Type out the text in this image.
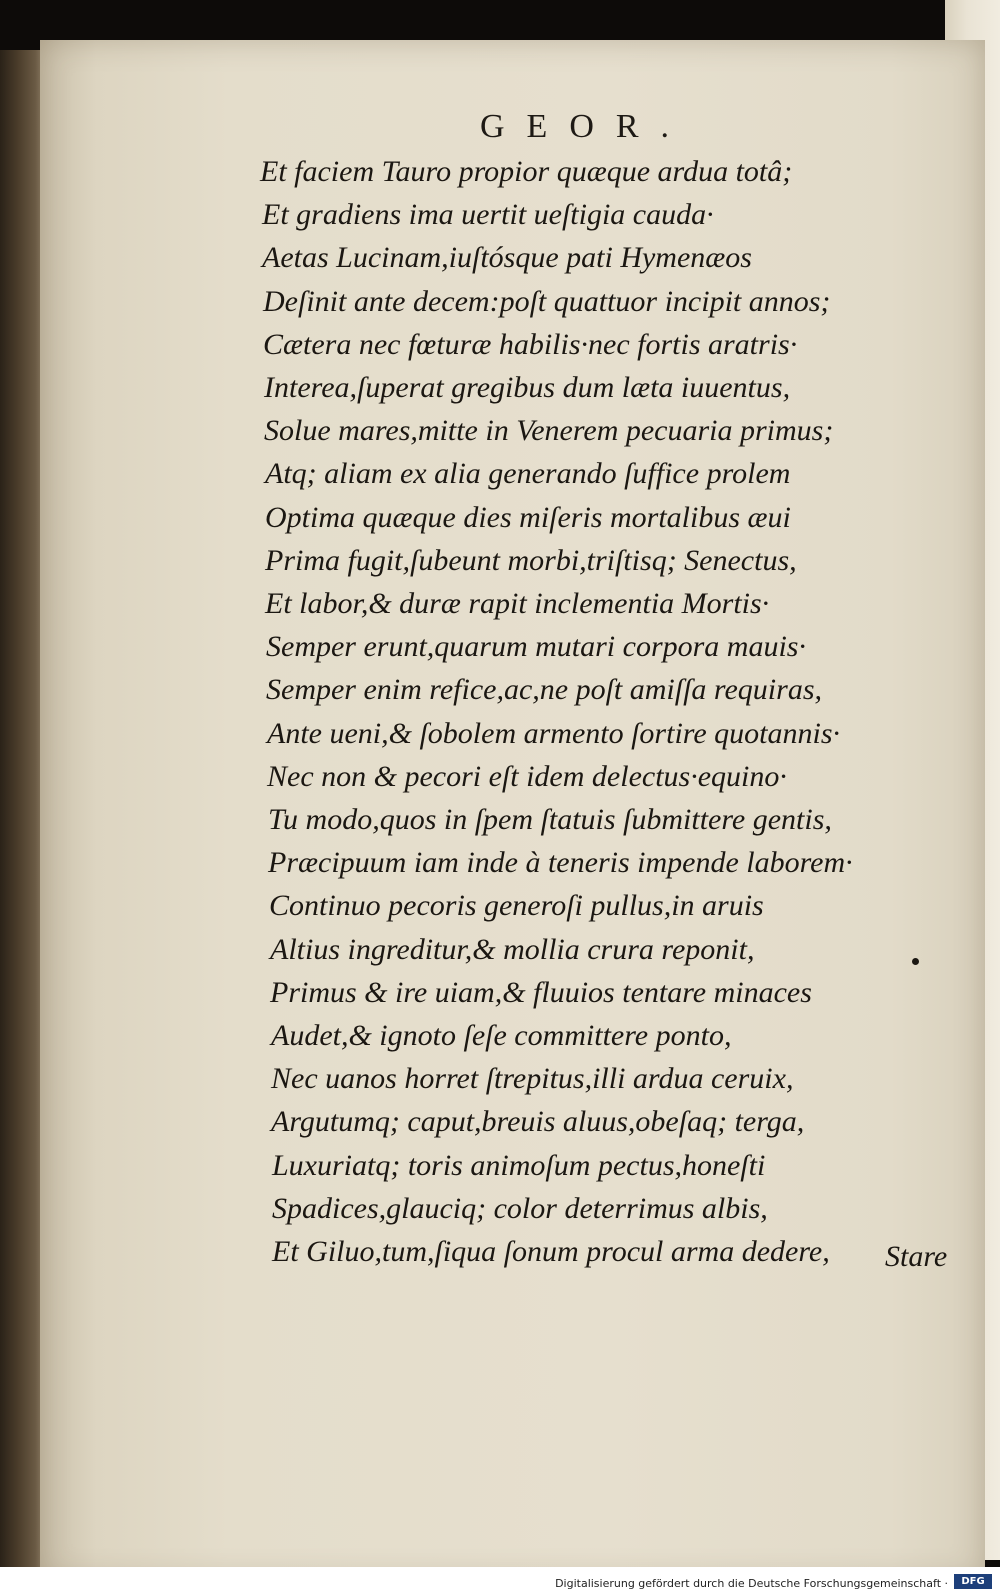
GEOR.
Et faciem Tauro propior quæque ardua totâ;
Et gradiens ima uertit ueſtigia cauda·
Aetas Lucinam,iuſtósque pati Hymenæos
Deſinit ante decem:poſt quattuor incipit annos;
Cætera nec fœturæ habilis·nec fortis aratris·
Interea,ſuperat gregibus dum læta iuuentus,
Solue mares,mitte in Venerem pecuaria primus;
Atq; aliam ex alia generando ſuffice prolem
Optima quæque dies miſeris mortalibus æui
Prima fugit,ſubeunt morbi,triſtisq; Senectus,
Et labor,& duræ rapit inclementia Mortis·
Semper erunt,quarum mutari corpora mauis·
Semper enim refice,ac,ne poſt amiſſa requiras,
Ante ueni,& ſobolem armento ſortire quotannis·
Nec non & pecori eſt idem delectus·equino·
Tu modo,quos in ſpem ſtatuis ſubmittere gentis,
Præcipuum iam inde à teneris impende laborem·
Continuo pecoris generoſi pullus,in aruis
Altius ingreditur,& mollia crura reponit,
Primus & ire uiam,& fluuios tentare minaces
Audet,& ignoto ſeſe committere ponto,
Nec uanos horret ſtrepitus,illi ardua ceruix,
Argutumq; caput,breuis aluus,obeſaq; terga,
Luxuriatq; toris animoſum pectus,honeſti
Spadices,glauciq; color deterrimus albis,
Et Giluo,tum,ſiqua ſonum procul arma dedere,	Stare
Digitalisierung gefördert durch die Deutsche Forschungsgemeinschaft ·	DFG
